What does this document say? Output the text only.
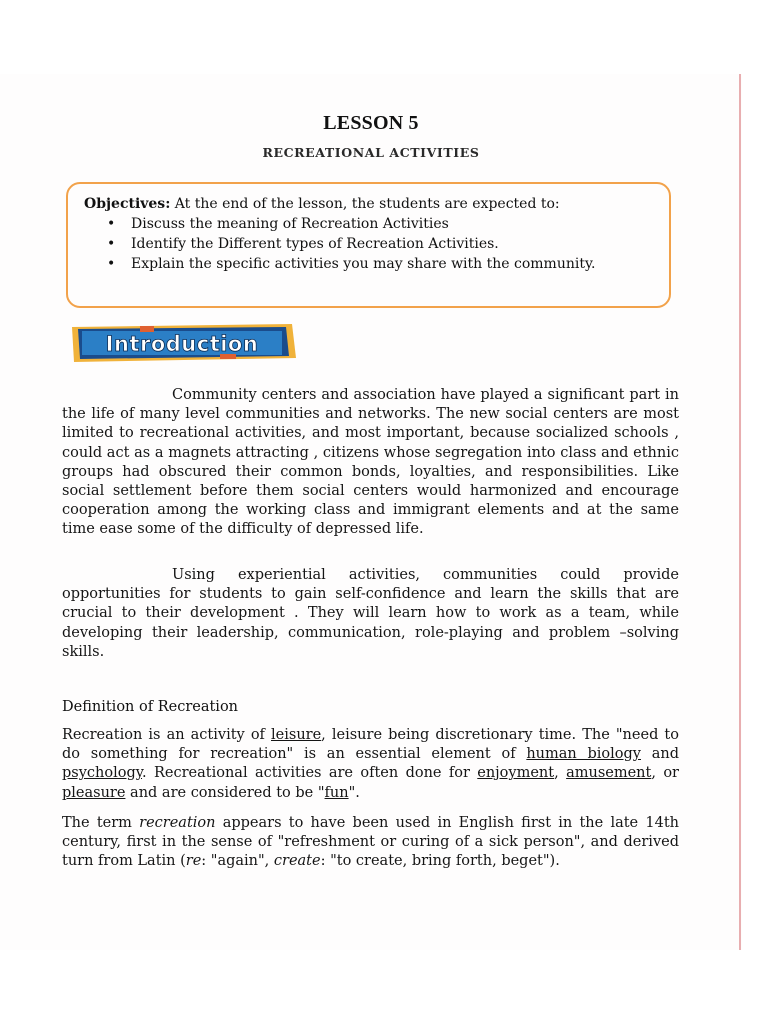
LESSON 5
RECREATIONAL ACTIVITIES
Objectives: At the end of the lesson, the students are expected to:
• Discuss the meaning of Recreation Activities
• Identify the Different types of Recreation Activities.
• Explain the specific activities you may share with the community.
Introduction
Community centers and association have played a significant part in the life of many level communities and networks. The new social centers are most limited to recreational activities, and most important, because socialized schools , could act as a magnets attracting , citizens whose segregation into class and ethnic groups had obscured their common bonds, loyalties, and responsibilities. Like social settlement before them social centers would harmonized and encourage cooperation among the working class and immigrant elements and at the same time ease some of the difficulty of depressed life.
Using experiential activities, communities could provide opportunities for students to gain self-confidence and learn the skills that are crucial to their development . They will learn how to work as a team, while developing their leadership, communication, role-playing and problem –solving skills.
Definition of Recreation
Recreation is an activity of leisure, leisure being discretionary time. The "need to do something for recreation" is an essential element of human biology and psychology. Recreational activities are often done for enjoyment, amusement, or pleasure and are considered to be "fun".
The term recreation appears to have been used in English first in the late 14th century, first in the sense of "refreshment or curing of a sick person", and derived turn from Latin (re: "again", create: "to create, bring forth, beget").
